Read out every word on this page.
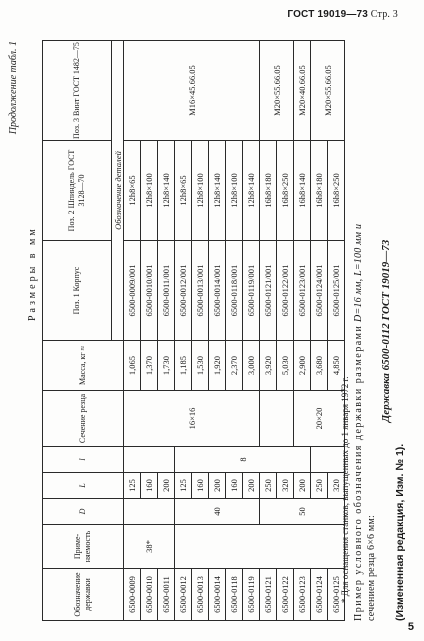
ГОСТ 19019—73 Стр. 3
Продолжение табл. 1
Размеры в мм
Обозначение державки	Приме- няемость	D	L	l	Сечение резца	Масса, кг ≈	Поз. 1 Корпус	Поз. 2 Шпиндель ГОСТ 3128—70	Поз. 3 Винт ГОСТ 1482—75
							Обозначение деталей		
6500-0009	38*		125		16×16	1,065	6500-0009/001	12h8×65	M16×45.66.05
6500-0010			160			1,370	6500-0010/001	12h8×100	
6500-0011			200			1,730	6500-0011/001	12h8×140	
6500-0012		40	125	8		1,185	6500-0012/001	12h8×65	
6500-0013			160			1,530	6500-0013/001	12h8×100	
6500-0014			200			1,920	6500-0014/001	12h8×140	
6500-0118			160			2,370	6500-0118/001	12h8×100	
6500-0119			200			3,000	6500-0119/001	12h8×140	
6500-0121		50	250			3,920	6500-0121/001	16h8×180	M20×55.66.05
6500-0122			320			5,030	6500-0122/001	16h8×250	
6500-0123			200		20×20	2,900	6500-0123/001	16h8×140	M20×40.66.05
6500-0124			250			3,680	6500-0124/001	16h8×180	M20×55.66.05
6500-0125			320			4,850	6500-0125/001	16h8×250	
* Для оснащения станков, выпущенных до 1 января 1972 г. Пример условного обозначения державки размерами D=16 мм, L=100 мм и
сечением резца 6×6 мм:
Державка 6500-0112 ГОСТ 19019—73
(Измененная редакция, Изм. № 1).
5
